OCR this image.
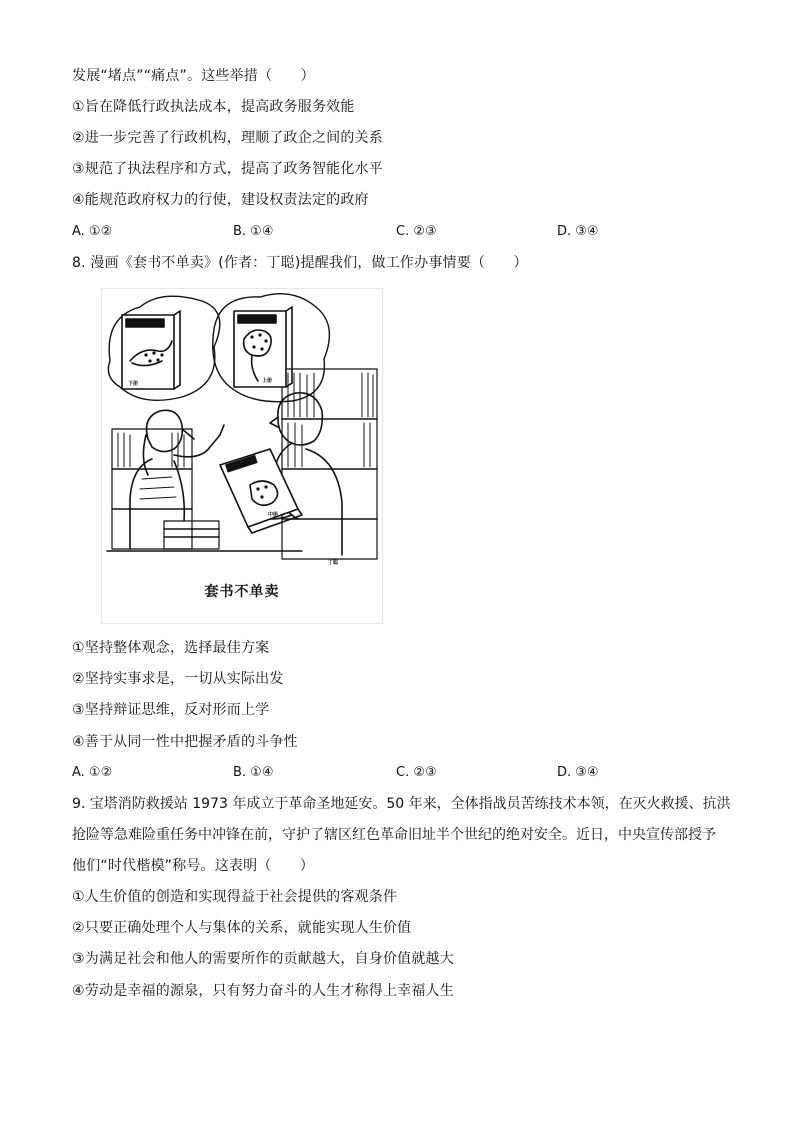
发展“堵点”“痛点”。这些举措（　　）
①旨在降低行政执法成本，提高政务服务效能
②进一步完善了行政机构，理顺了政企之间的关系
③规范了执法程序和方式，提高了政务智能化水平
④能规范政府权力的行使，建设权责法定的政府
A. ①②	B. ①④	C. ②③	D. ③④
8. 漫画《套书不单卖》(作者：丁聪)提醒我们，做工作办事情要（　　）
下册	上册
中册
丁聪
套书不单卖
①坚持整体观念，选择最佳方案
②坚持实事求是，一切从实际出发
③坚持辩证思维，反对形而上学
④善于从同一性中把握矛盾的斗争性
A. ①②	B. ①④	C. ②③	D. ③④
9. 宝塔消防救援站 1973 年成立于革命圣地延安。50 年来，全体指战员苦练技术本领，在灭火救援、抗洪
抢险等急难险重任务中冲锋在前，守护了辖区红色革命旧址半个世纪的绝对安全。近日，中央宣传部授予
他们“时代楷模”称号。这表明（　　）
①人生价值的创造和实现得益于社会提供的客观条件
②只要正确处理个人与集体的关系，就能实现人生价值
③为满足社会和他人的需要所作的贡献越大，自身价值就越大
④劳动是幸福的源泉，只有努力奋斗的人生才称得上幸福人生
